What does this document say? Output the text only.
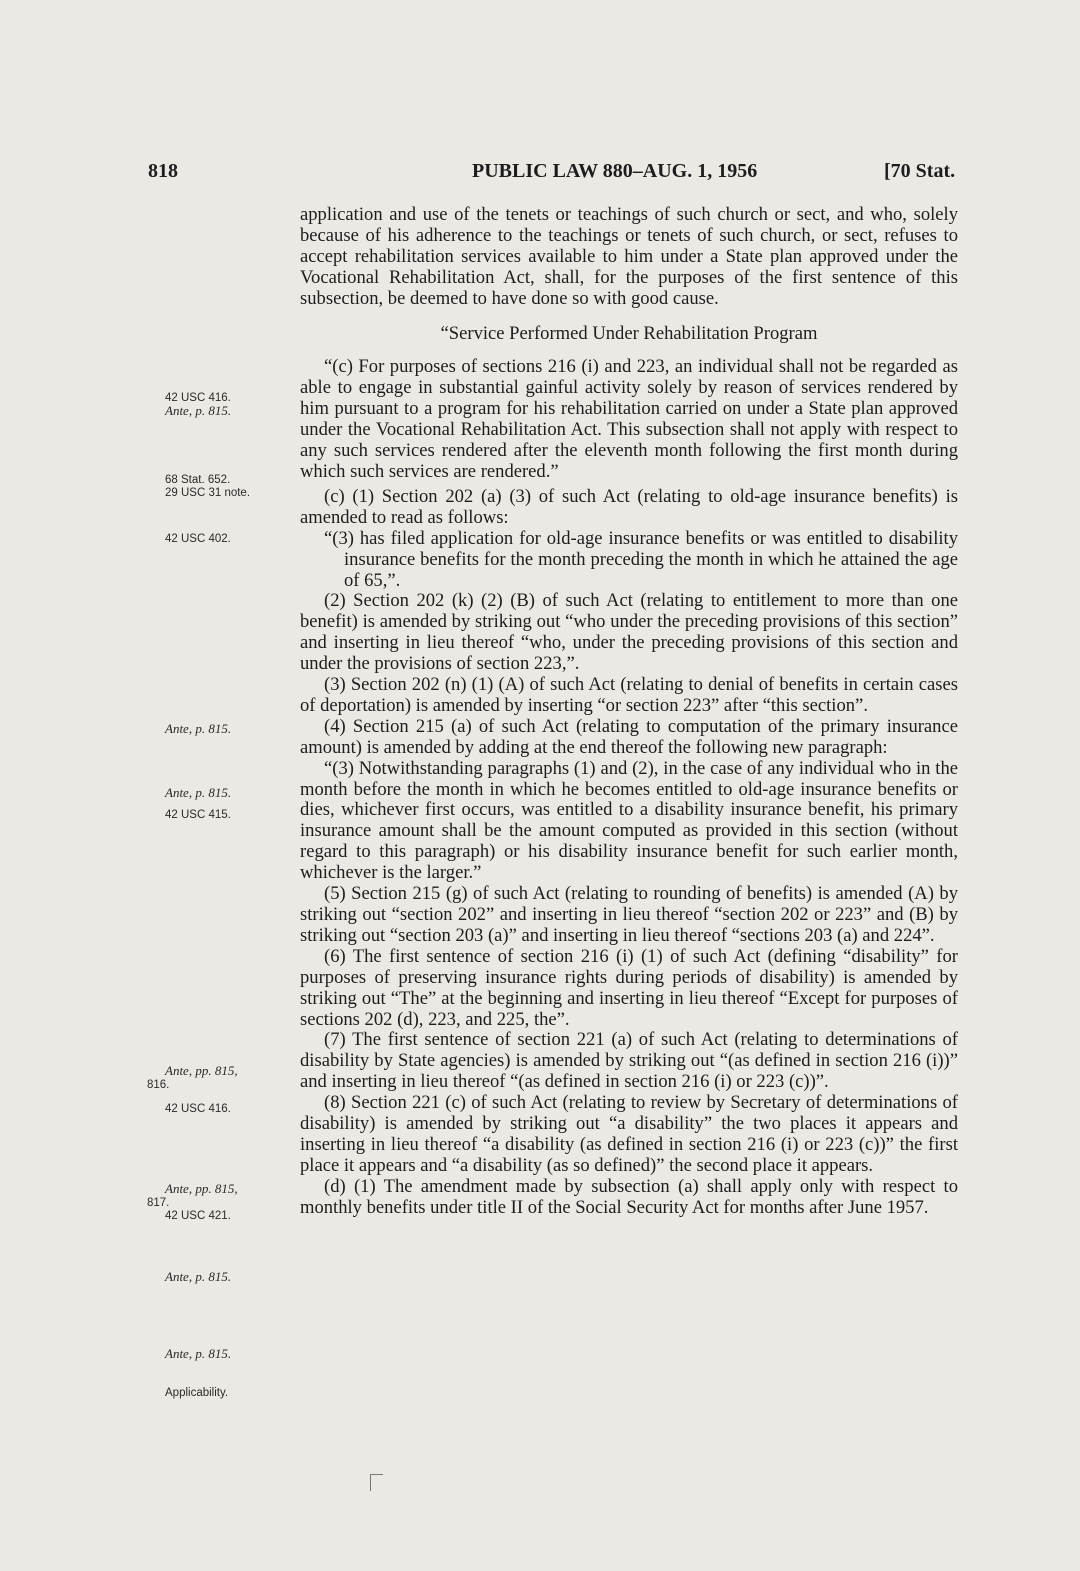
818	PUBLIC LAW 880–AUG. 1, 1956	[70 Stat.
42 USC 416.
Ante, p. 815.
68 Stat. 652.
29 USC 31 note.
42 USC 402.
Ante, p. 815.
Ante, p. 815.
42 USC 415.
Ante, pp. 815,
816.
42 USC 416.
Ante, pp. 815,
817.
42 USC 421.
Ante, p. 815.
Ante, p. 815.
Applicability.

application and use of the tenets or teachings of such church or sect, and who, solely because of his adherence to the teachings or tenets of such church, or sect, refuses to accept rehabilitation services available to him under a State plan approved under the Vocational Rehabilitation Act, shall, for the purposes of the first sentence of this subsection, be deemed to have done so with good cause.

“Service Performed Under Rehabilitation Program

“(c) For purposes of sections 216 (i) and 223, an individual shall not be regarded as able to engage in substantial gainful activity solely by reason of services rendered by him pursuant to a program for his rehabilitation carried on under a State plan approved under the Vocational Rehabilitation Act. This subsection shall not apply with respect to any such services rendered after the eleventh month following the first month during which such services are rendered.”

(c) (1) Section 202 (a) (3) of such Act (relating to old-age insurance benefits) is amended to read as follows:

“(3) has filed application for old-age insurance benefits or was entitled to disability insurance benefits for the month preceding the month in which he attained the age of 65,”.

(2) Section 202 (k) (2) (B) of such Act (relating to entitlement to more than one benefit) is amended by striking out “who under the preceding provisions of this section” and inserting in lieu thereof “who, under the preceding provisions of this section and under the provisions of section 223,”.

(3) Section 202 (n) (1) (A) of such Act (relating to denial of benefits in certain cases of deportation) is amended by inserting “or section 223” after “this section”.

(4) Section 215 (a) of such Act (relating to computation of the primary insurance amount) is amended by adding at the end thereof the following new paragraph:

“(3) Notwithstanding paragraphs (1) and (2), in the case of any individual who in the month before the month in which he becomes entitled to old-age insurance benefits or dies, whichever first occurs, was entitled to a disability insurance benefit, his primary insurance amount shall be the amount computed as provided in this section (without regard to this paragraph) or his disability insurance benefit for such earlier month, whichever is the larger.”

(5) Section 215 (g) of such Act (relating to rounding of benefits) is amended (A) by striking out “section 202” and inserting in lieu thereof “section 202 or 223” and (B) by striking out “section 203 (a)” and inserting in lieu thereof “sections 203 (a) and 224”.

(6) The first sentence of section 216 (i) (1) of such Act (defining “disability” for purposes of preserving insurance rights during periods of disability) is amended by striking out “The” at the beginning and inserting in lieu thereof “Except for purposes of sections 202 (d), 223, and 225, the”.

(7) The first sentence of section 221 (a) of such Act (relating to determinations of disability by State agencies) is amended by striking out “(as defined in section 216 (i))” and inserting in lieu thereof “(as defined in section 216 (i) or 223 (c))”.

(8) Section 221 (c) of such Act (relating to review by Secretary of determinations of disability) is amended by striking out “a disability” the two places it appears and inserting in lieu thereof “a disability (as defined in section 216 (i) or 223 (c))” the first place it appears and “a disability (as so defined)” the second place it appears.

(d) (1) The amendment made by subsection (a) shall apply only with respect to monthly benefits under title II of the Social Security Act for months after June 1957.
